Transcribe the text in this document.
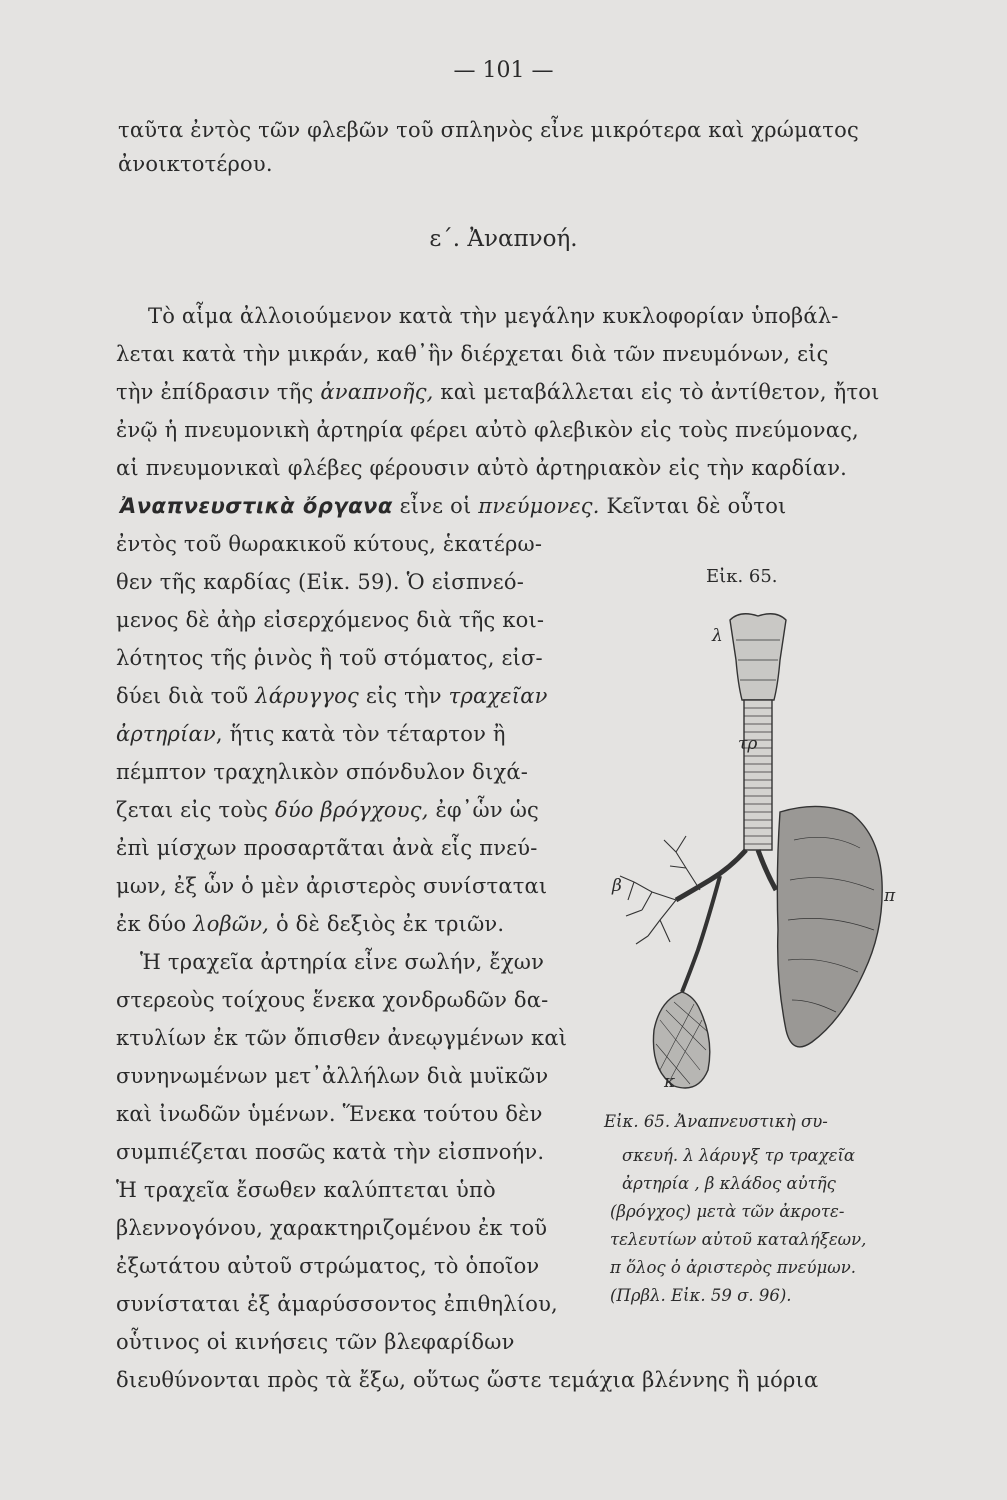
— 101 —
ταῦτα ἐντὸς τῶν φλεβῶν τοῦ σπληνὸς εἶνε μικρότερα καὶ χρώματος
ἀνοικτοτέρου.
ε΄. Ἀναπνοή.
Τὸ αἷμα ἀλλοιούμενον κατὰ τὴν μεγάλην κυκλοφορίαν ὑποβάλ-
λεται κατὰ τὴν μικράν, καθ᾽ἣν διέρχεται διὰ τῶν πνευμόνων, εἰς
τὴν ἐπίδρασιν τῆς ἀναπνοῆς, καὶ μεταβάλλεται εἰς τὸ ἀντίθετον, ἤτοι
ἐνῷ ἡ πνευμονικὴ ἀρτηρία φέρει αὐτὸ φλεβικὸν εἰς τοὺς πνεύμονας,
αἱ πνευμονικαὶ φλέβες φέρουσιν αὐτὸ ἀρτηριακὸν εἰς τὴν καρδίαν.
Ἀναπνευστικὰ ὄργανα εἶνε οἱ πνεύμονες. Κεῖνται δὲ οὗτοι
ἐντὸς τοῦ θωρακικοῦ κύτους, ἑκατέρω-
θεν τῆς καρδίας (Εἰκ. 59). Ὁ εἰσπνεό-
μενος δὲ ἀὴρ εἰσερχόμενος διὰ τῆς κοι-
λότητος τῆς ῥινὸς ἢ τοῦ στόματος, εἰσ-
δύει διὰ τοῦ λάρυγγος εἰς τὴν τραχεῖαν
ἀρτηρίαν, ἥτις κατὰ τὸν τέταρτον ἢ
πέμπτον τραχηλικὸν σπόνδυλον διχά-
ζεται εἰς τοὺς δύο βρόγχους, ἐφ᾽ὧν ὡς
ἐπὶ μίσχων προσαρτᾶται ἀνὰ εἷς πνεύ-
μων, ἐξ ὧν ὁ μὲν ἀριστερὸς συνίσταται
ἐκ δύο λοβῶν, ὁ δὲ δεξιὸς ἐκ τριῶν.
Ἡ τραχεῖα ἀρτηρία εἶνε σωλήν, ἔχων
στερεοὺς τοίχους ἕνεκα χονδρωδῶν δα-
κτυλίων ἐκ τῶν ὄπισθεν ἀνεῳγμένων καὶ
συνηνωμένων μετ᾽ἀλλήλων διὰ μυϊκῶν
καὶ ἰνωδῶν ὑμένων. Ἕνεκα τούτου δὲν
συμπιέζεται ποσῶς κατὰ τὴν εἰσπνοήν.
Ἡ τραχεῖα ἔσωθεν καλύπτεται ὑπὸ
βλεννογόνου, χαρακτηριζομένου ἐκ τοῦ
ἐξωτάτου αὐτοῦ στρώματος, τὸ ὁποῖον
συνίσταται ἐξ ἀμαρύσσοντος ἐπιθηλίου,
οὗτινος οἱ κινήσεις τῶν βλεφαρίδων
διευθύνονται πρὸς τὰ ἔξω, οὕτως ὥστε τεμάχια βλέννης ἢ μόρια
Εἰκ. 65.
λ
τρ
β	π
κ
Εἰκ. 65. Ἀναπνευστικὴ συ-
σκευή. λ λάρυγξ τρ τραχεῖα
ἀρτηρία , β κλάδος αὐτῆς
(βρόγχος) μετὰ τῶν ἀκροτε-
τελευτίων αὐτοῦ καταλήξεων,
π ὅλος ὁ ἀριστερὸς πνεύμων.
(Πρβλ. Εἰκ. 59 σ. 96).
